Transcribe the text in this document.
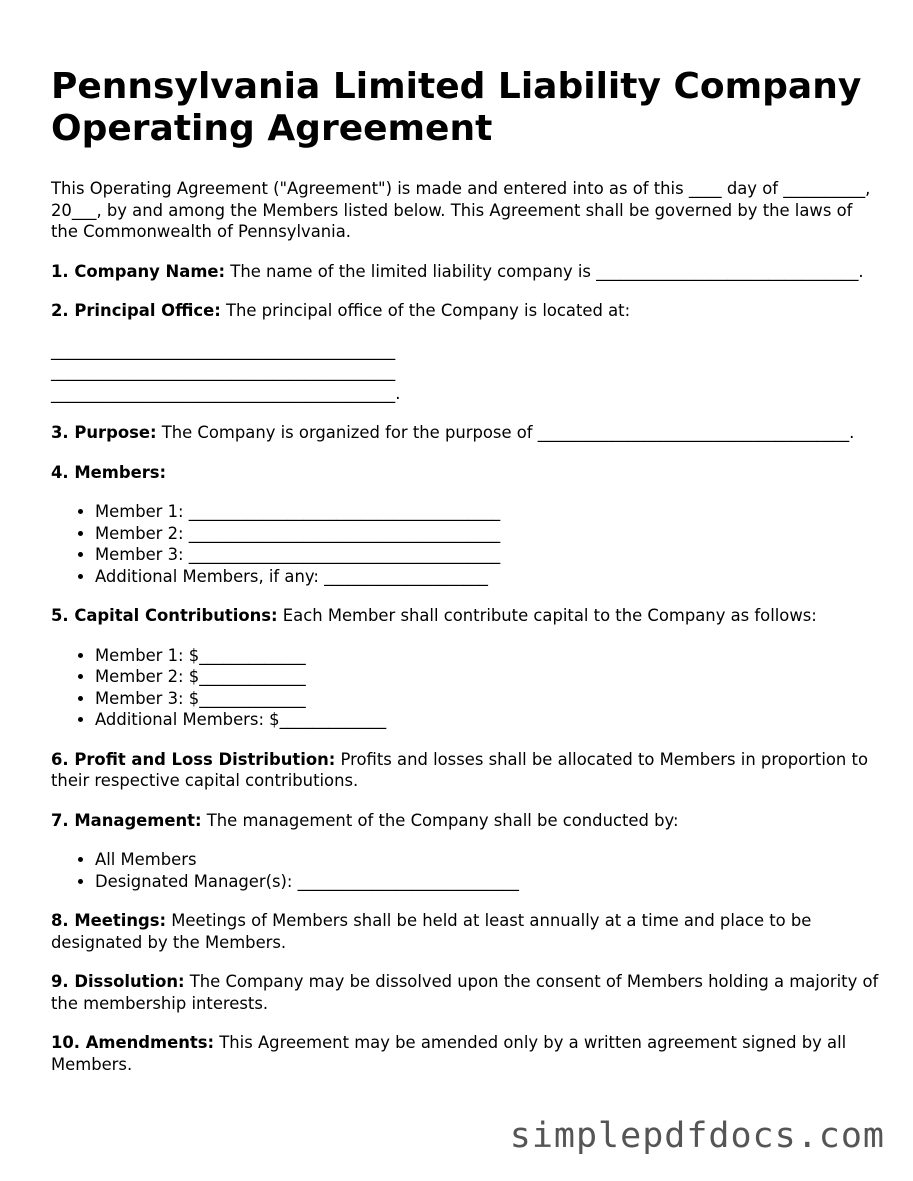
Pennsylvania Limited Liability Company Operating Agreement

This Operating Agreement ("Agreement") is made and entered into as of this ____ day of __________, 20___, by and among the Members listed below. This Agreement shall be governed by the laws of the Commonwealth of Pennsylvania.

1. Company Name: The name of the limited liability company is ________________________________.

2. Principal Office: The principal office of the Company is located at:

__________________________________________
__________________________________________
__________________________________________.

3. Purpose: The Company is organized for the purpose of ______________________________________.

4. Members:

• Member 1: ______________________________________
• Member 2: ______________________________________
• Member 3: ______________________________________
• Additional Members, if any: ____________________

5. Capital Contributions: Each Member shall contribute capital to the Company as follows:

• Member 1: $_____________
• Member 2: $_____________
• Member 3: $_____________
• Additional Members: $_____________

6. Profit and Loss Distribution: Profits and losses shall be allocated to Members in proportion to their respective capital contributions.

7. Management: The management of the Company shall be conducted by:

• All Members
• Designated Manager(s): ___________________________

8. Meetings: Meetings of Members shall be held at least annually at a time and place to be designated by the Members.

9. Dissolution: The Company may be dissolved upon the consent of Members holding a majority of the membership interests.

10. Amendments: This Agreement may be amended only by a written agreement signed by all Members.

simplepdfdocs.com
